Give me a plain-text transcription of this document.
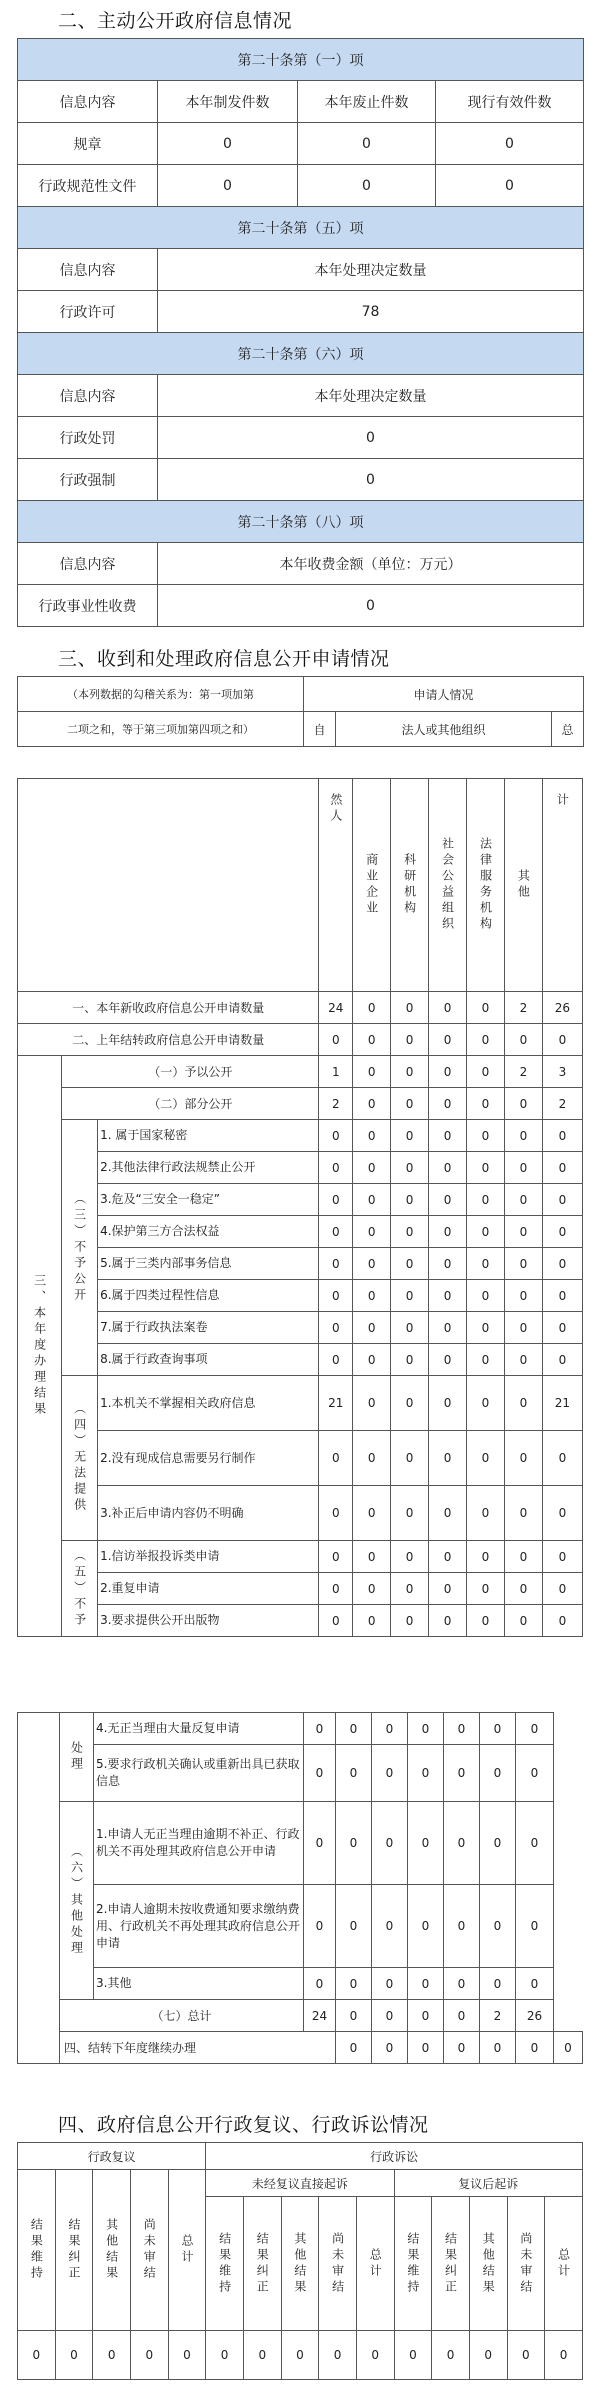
二、主动公开政府信息情况
第二十条第（一）项			
信息内容	本年制发件数	本年废止件数	现行有效件数
规章	0	0	0
行政规范性文件	0	0	0
第二十条第（五）项			
信息内容	本年处理决定数量		
行政许可	78		
第二十条第（六）项			
信息内容	本年处理决定数量		
行政处罚	0		
行政强制	0		
第二十条第（八）项			
信息内容	本年收费金额（单位：万元）		
行政事业性收费	0		
三、收到和处理政府信息公开申请情况
（本列数据的勾稽关系为：第一项加第	申请人情况		
二项之和，等于第三项加第四项之和）	自	法人或其他组织	总

			然人	商业企业	科研机构	社会公益组织	法律服务机构	其他	计

一、本年新收政府信息公开申请数量			24	0	0	0	0	2	26
二、上年结转政府信息公开申请数量			0	0	0	0	0	0	0

三、本年度办理结果	（一）予以公开		1	0	0	0	0	2	3
	（二）部分公开		2	0	0	0	0	0	2

	（三）不予公开	1. 属于国家秘密	0	0	0	0	0	0	0
		2.其他法律行政法规禁止公开	0	0	0	0	0	0	0
		3.危及“三安全一稳定”	0	0	0	0	0	0	0
		4.保护第三方合法权益	0	0	0	0	0	0	0
		5.属于三类内部事务信息	0	0	0	0	0	0	0
		6.属于四类过程性信息	0	0	0	0	0	0	0
		7.属于行政执法案卷	0	0	0	0	0	0	0
		8.属于行政查询事项	0	0	0	0	0	0	0

	（四）无法提供	1.本机关不掌握相关政府信息	21	0	0	0	0	0	21
		2.没有现成信息需要另行制作	0	0	0	0	0	0	0
		3.补正后申请内容仍不明确	0	0	0	0	0	0	0

	（五）不予	1.信访举报投诉类申请	0	0	0	0	0	0	0
		2.重复申请	0	0	0	0	0	0	0
		3.要求提供公开出版物	0	0	0	0	0	0	0

	处理	4.无正当理由大量反复申请	0	0	0	0	0	0	0	
		5.要求行政机关确认或重新出具已获取信息	0	0	0	0	0	0	0	

	（六）其他处理	1.申请人无正当理由逾期不补正、行政机关不再处理其政府信息公开申请	0	0	0	0	0	0	0	
		2.申请人逾期未按收费通知要求缴纳费用、行政机关不再处理其政府信息公开申请	0	0	0	0	0	0	0	
		3.其他	0	0	0	0	0	0	0	
	（七）总计		24	0	0	0	0	2	26	
	四、结转下年度继续办理			0	0	0	0	0	0	0
四、政府信息公开行政复议、行政诉讼情况
行政复议					行政诉讼									

结果维持	结果纠正	其他结果	尚未审结	总计	未经复议直接起诉					复议后起诉				

					结果维持	结果纠正	其他结果	尚未审结	总计	结果维持	结果纠正	其他结果	尚未审结	总计

0	0	0	0	0	0	0	0	0	0	0	0	0	0	0
